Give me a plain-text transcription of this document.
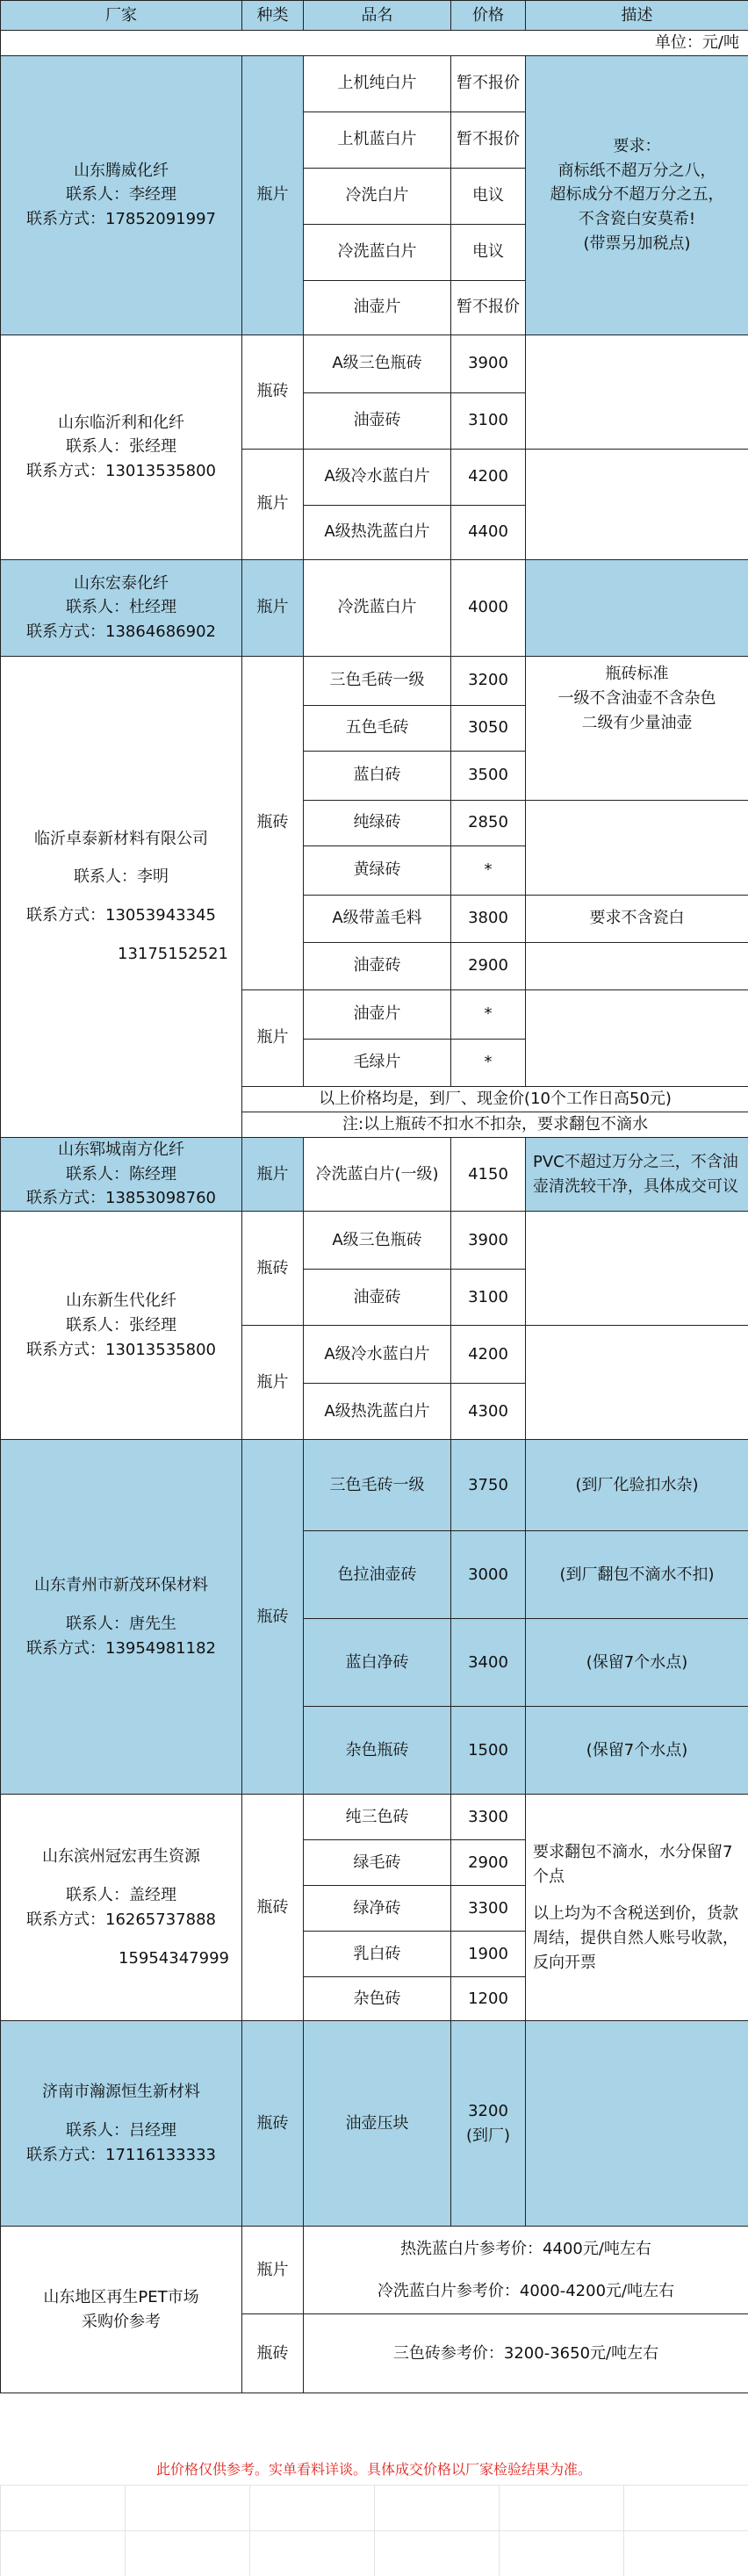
厂家	种类	品名	价格	描述
单位：元/吨				

山东腾威化纤
联系人：李经理
联系方式：17852091997	瓶片	上机纯白片	暂不报价	要求：
商标纸不超万分之八，
超标成分不超万分之五，
不含瓷白安莫希!
(带票另加税点)

		上机蓝白片	暂不报价	
		冷洗白片	电议	
		冷洗蓝白片	电议	
		油壶片	暂不报价	

山东临沂利和化纤
联系人：张经理
联系方式：13013535800	瓶砖	A级三色瓶砖	3900	
		油壶砖	3100	
	瓶片	A级冷水蓝白片	4200	
		A级热洗蓝白片	4400	

山东宏泰化纤
联系人：杜经理
联系方式：13864686902	瓶片	冷洗蓝白片	4000	

临沂卓泰新材料有限公司
联系人：李明
联系方式：13053943345
13175152521	瓶砖	三色毛砖一级	3200	瓶砖标准
一级不含油壶不含杂色
二级有少量油壶

		五色毛砖	3050	
		蓝白砖	3500	
		纯绿砖	2850	
		黄绿砖	*	
		A级带盖毛料	3800	要求不含瓷白
		油壶砖	2900	
	瓶片	油壶片	*	
		毛绿片	*	
	以上价格均是，到厂、现金价(10个工作日高50元)			
	注:以上瓶砖不扣水不扣杂，要求翻包不滴水			

山东郓城南方化纤
联系人：陈经理
联系方式：13853098760	瓶片	冷洗蓝白片(一级)	4150	PVC不超过万分之三，不含油壶清洗较干净，具体成交可议

山东新生代化纤
联系人：张经理
联系方式：13013535800	瓶砖	A级三色瓶砖	3900	
		油壶砖	3100	
	瓶片	A级冷水蓝白片	4200	
		A级热洗蓝白片	4300	

山东青州市新茂环保材料
联系人：唐先生
联系方式：13954981182	瓶砖	三色毛砖一级	3750	(到厂化验扣水杂)
		色拉油壶砖	3000	(到厂翻包不滴水不扣)
		蓝白净砖	3400	(保留7个水点)
		杂色瓶砖	1500	(保留7个水点)

山东滨州冠宏再生资源
联系人：盖经理
联系方式：16265737888
15954347999	瓶砖	纯三色砖	3300	要求翻包不滴水，水分保留7个点
以上均为不含税送到价，货款周结，提供自然人账号收款，反向开票

		绿毛砖	2900	
		绿净砖	3300	
		乳白砖	1900	
		杂色砖	1200	

济南市瀚源恒生新材料
联系人：吕经理
联系方式：17116133333	瓶砖	油壶压块	3200
(到厂)	

山东地区再生PET市场
采购价参考	瓶片	热洗蓝白片参考价：4400元/吨左右
冷洗蓝白片参考价：4000-4200元/吨左右		

	瓶砖	三色砖参考价：3200-3650元/吨左右		
此价格仅供参考。实单看料详谈。具体成交价格以厂家检验结果为准。
